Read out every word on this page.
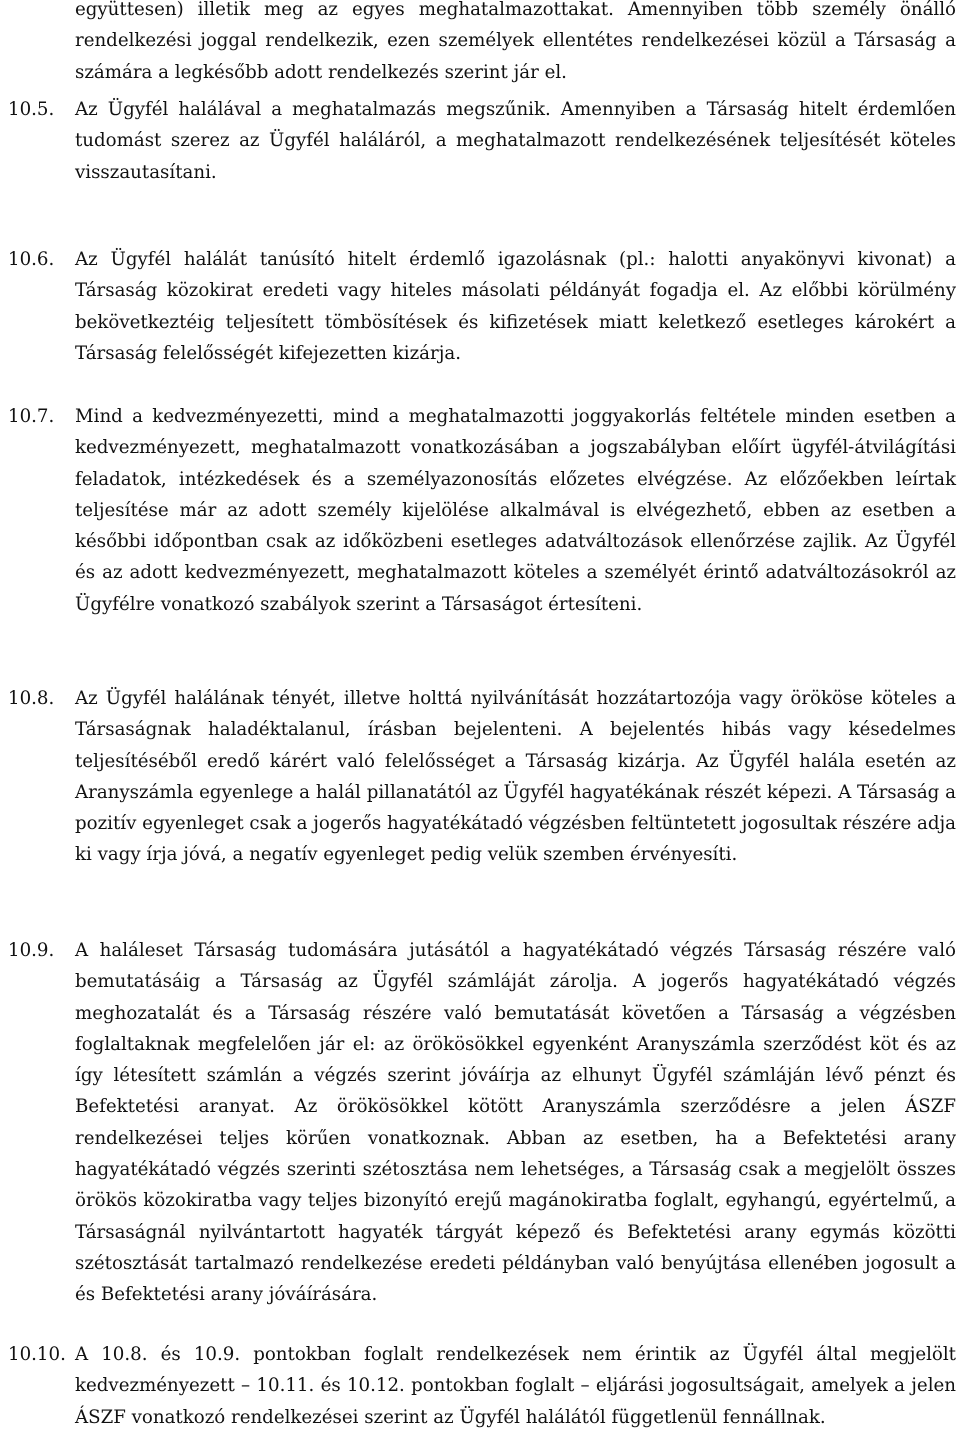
együttesen) illetik meg az egyes meghatalmazottakat. Amennyiben több személy önálló rendelkezési joggal rendelkezik, ezen személyek ellentétes rendelkezései közül a Társaság a számára a legkésőbb adott rendelkezés szerint jár el.
10.5.	Az Ügyfél halálával a meghatalmazás megszűnik. Amennyiben a Társaság hitelt érdemlően tudomást szerez az Ügyfél haláláról, a meghatalmazott rendelkezésének teljesítését köteles visszautasítani.
10.6.	Az Ügyfél halálát tanúsító hitelt érdemlő igazolásnak (pl.: halotti anyakönyvi kivonat) a Társaság közokirat eredeti vagy hiteles másolati példányát fogadja el. Az előbbi körülmény bekövetkeztéig teljesített tömbösítések és kifizetések miatt keletkező esetleges károkért a Társaság felelősségét kifejezetten kizárja.
10.7.	Mind a kedvezményezetti, mind a meghatalmazotti joggyakorlás feltétele minden esetben a kedvezményezett, meghatalmazott vonatkozásában a jogszabályban előírt ügyfél-átvilágítási feladatok, intézkedések és a személyazonosítás előzetes elvégzése. Az előzőekben leírtak teljesítése már az adott személy kijelölése alkalmával is elvégezhető, ebben az esetben a későbbi időpontban csak az időközbeni esetleges adatváltozások ellenőrzése zajlik. Az Ügyfél és az adott kedvezményezett, meghatalmazott köteles a személyét érintő adatváltozásokról az Ügyfélre vonatkozó szabályok szerint a Társaságot értesíteni.
10.8.	Az Ügyfél halálának tényét, illetve holttá nyilvánítását hozzátartozója vagy örököse köteles a Társaságnak haladéktalanul, írásban bejelenteni. A bejelentés hibás vagy késedelmes teljesítéséből eredő kárért való felelősséget a Társaság kizárja. Az Ügyfél halála esetén az Aranyszámla egyenlege a halál pillanatától az Ügyfél hagyatékának részét képezi. A Társaság a pozitív egyenleget csak a jogerős hagyatékátadó végzésben feltüntetett jogosultak részére adja ki vagy írja jóvá, a negatív egyenleget pedig velük szemben érvényesíti.
10.9.	A haláleset Társaság tudomására jutásától a hagyatékátadó végzés Társaság részére való bemutatásáig a Társaság az Ügyfél számláját zárolja. A jogerős hagyatékátadó végzés meghozatalát és a Társaság részére való bemutatását követően a Társaság a végzésben foglaltaknak megfelelően jár el: az örökösökkel egyenként Aranyszámla szerződést köt és az így létesített számlán a végzés szerint jóváírja az elhunyt Ügyfél számláján lévő pénzt és Befektetési aranyat. Az örökösökkel kötött Aranyszámla szerződésre a jelen ÁSZF rendelkezései teljes körűen vonatkoznak. Abban az esetben, ha a Befektetési arany hagyatékátadó végzés szerinti szétosztása nem lehetséges, a Társaság csak a megjelölt összes örökös közokiratba vagy teljes bizonyító erejű magánokiratba foglalt, egyhangú, egyértelmű, a Társaságnál nyilvántartott hagyaték tárgyát képező és Befektetési arany egymás közötti szétosztását tartalmazó rendelkezése eredeti példányban való benyújtása ellenében jogosult a és Befektetési arany jóváírására.
10.10. A 10.8. és 10.9. pontokban foglalt rendelkezések nem érintik az Ügyfél által megjelölt kedvezményezett – 10.11. és 10.12. pontokban foglalt – eljárási jogosultságait, amelyek a jelen ÁSZF vonatkozó rendelkezései szerint az Ügyfél halálától függetlenül fennállnak.
